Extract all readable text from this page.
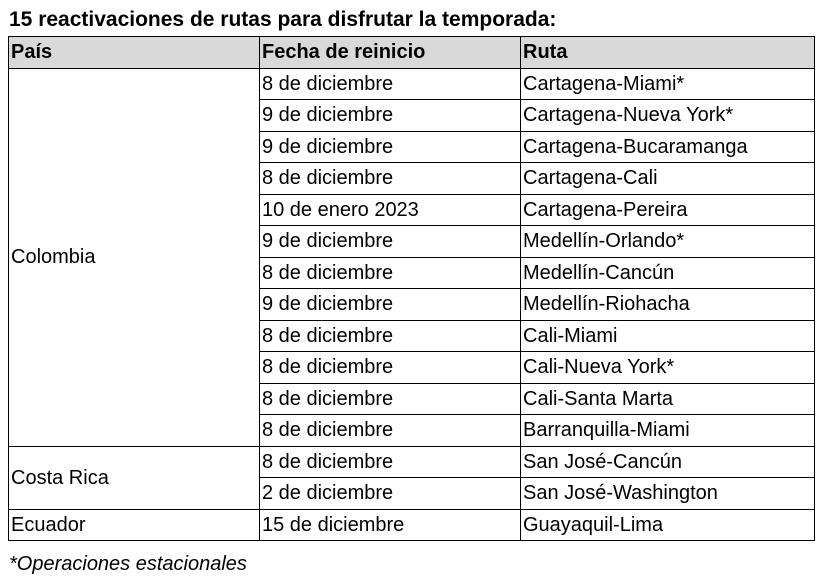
15 reactivaciones de rutas para disfrutar la temporada:
País	Fecha de reinicio	Ruta
Colombia	8 de diciembre	Cartagena-Miami*
	9 de diciembre	Cartagena-Nueva York*
	9 de diciembre	Cartagena-Bucaramanga
	8 de diciembre	Cartagena-Cali
	10 de enero 2023	Cartagena-Pereira
	9 de diciembre	Medellín-Orlando*
	8 de diciembre	Medellín-Cancún
	9 de diciembre	Medellín-Riohacha
	8 de diciembre	Cali-Miami
	8 de diciembre	Cali-Nueva York*
	8 de diciembre	Cali-Santa Marta
	8 de diciembre	Barranquilla-Miami
Costa Rica	8 de diciembre	San José-Cancún
	2 de diciembre	San José-Washington
Ecuador	15 de diciembre	Guayaquil-Lima
*Operaciones estacionales
